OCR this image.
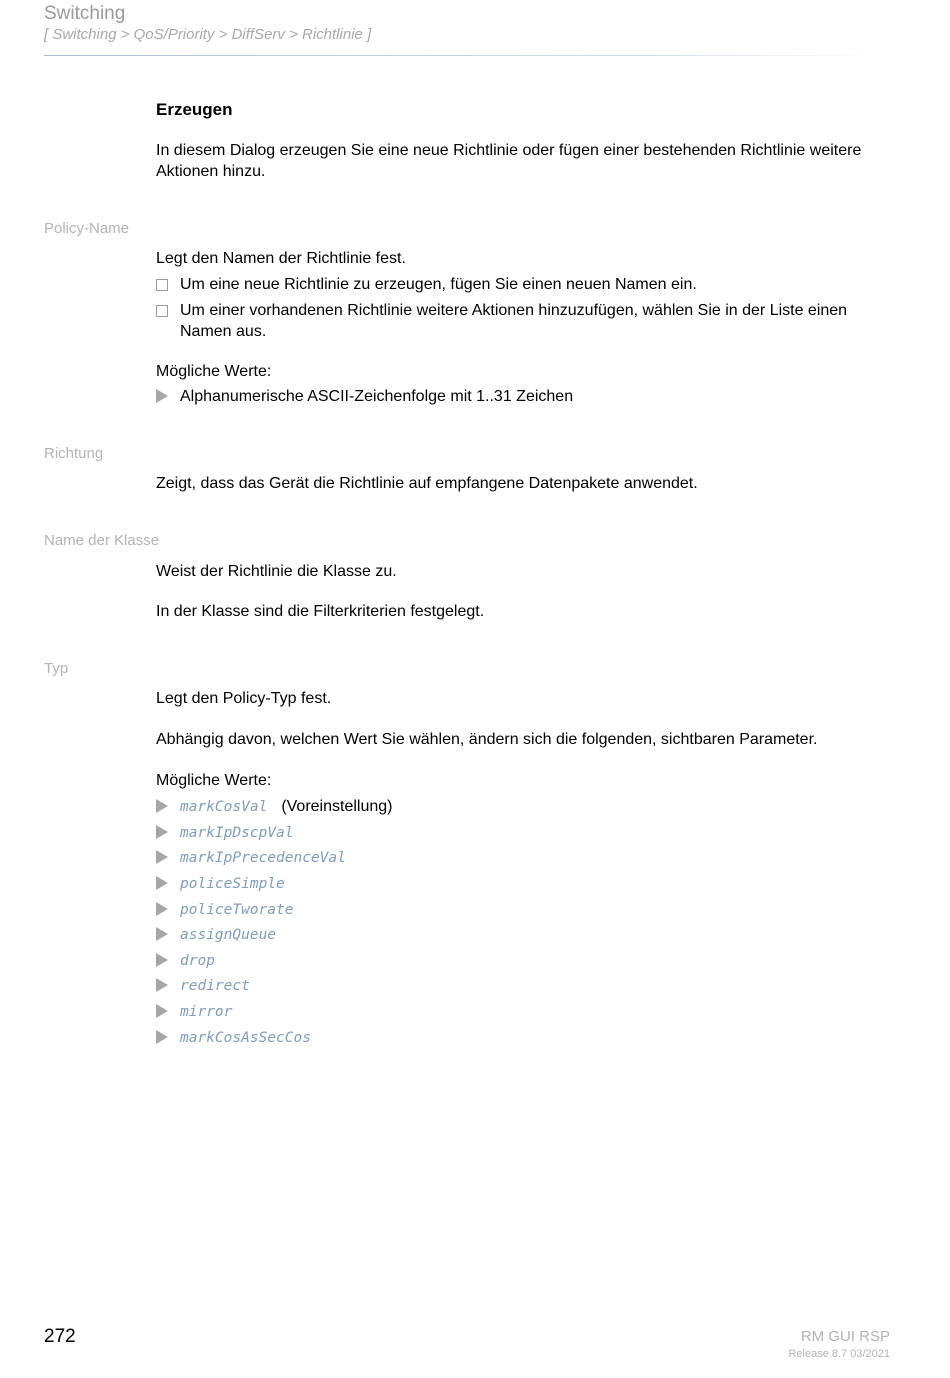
Switching
[ Switching > QoS/Priority > DiffServ > Richtlinie ]
Erzeugen

In diesem Dialog erzeugen Sie eine neue Richtlinie oder fügen einer bestehenden Richtlinie weitere Aktionen hinzu.

Policy-Name

Legt den Namen der Richtlinie fest.

Um eine neue Richtlinie zu erzeugen, fügen Sie einen neuen Namen ein.
Um einer vorhandenen Richtlinie weitere Aktionen hinzuzufügen, wählen Sie in der Liste einen Namen aus.

Mögliche Werte:

Alphanumerische ASCII-Zeichenfolge mit 1..31 Zeichen
Richtung

Zeigt, dass das Gerät die Richtlinie auf empfangene Datenpakete anwendet.

Name der Klasse

Weist der Richtlinie die Klasse zu.

In der Klasse sind die Filterkriterien festgelegt.

Typ

Legt den Policy-Typ fest.

Abhängig davon, welchen Wert Sie wählen, ändern sich die folgenden, sichtbaren Parameter.

Mögliche Werte:

markCosVal (Voreinstellung)
markIpDscpVal
markIpPrecedenceVal
policeSimple
policeTworate
assignQueue
drop
redirect
mirror
markCosAsSecCos
272	RM GUI RSP
Release 8.7 03/2021
